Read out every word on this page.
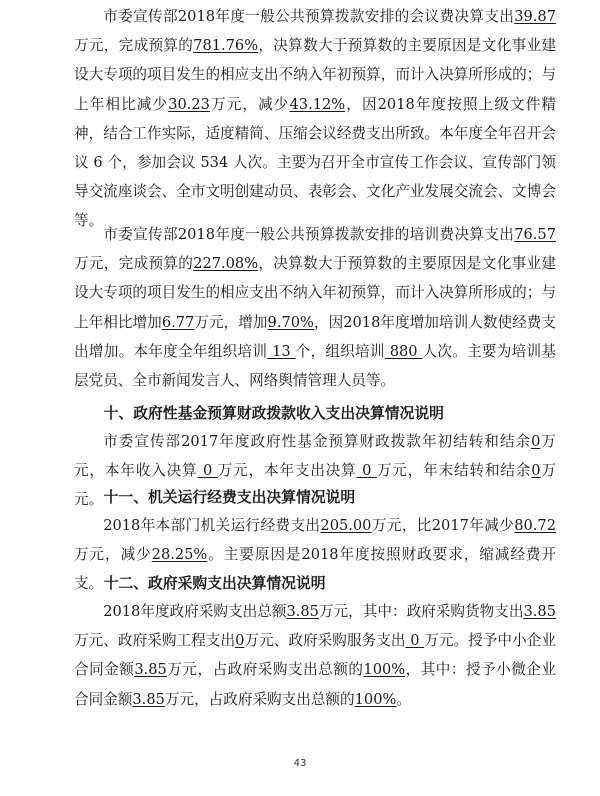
市委宣传部2018年度一般公共预算拨款安排的会议费决算支出39.87万元，完成预算的781.76%，决算数大于预算数的主要原因是文化事业建设大专项的项目发生的相应支出不纳入年初预算，而计入决算所形成的；与上年相比减少30.23万元，减少43.12%，因2018年度按照上级文件精神，结合工作实际，适度精简、压缩会议经费支出所致。本年度全年召开会议 6 个，参加会议 534 人次。主要为召开全市宣传工作会议、宣传部门领导交流座谈会、全市文明创建动员、表彰会、文化产业发展交流会、文博会等。

市委宣传部2018年度一般公共预算拨款安排的培训费决算支出76.57万元，完成预算的227.08%，决算数大于预算数的主要原因是文化事业建设大专项的项目发生的相应支出不纳入年初预算，而计入决算所形成的；与上年相比增加6.77万元，增加9.70%，因2018年度增加培训人数使经费支出增加。本年度全年组织培训 13 个，组织培训 880 人次。主要为培训基层党员、全市新闻发言人、网络舆情管理人员等。

十、政府性基金预算财政拨款收入支出决算情况说明

市委宣传部2017年度政府性基金预算财政拨款年初结转和结余0万元，本年收入决算 0 万元，本年支出决算 0 万元，年末结转和结余0万元。 十一、机关运行经费支出决算情况说明

2018年本部门机关运行经费支出205.00万元，比2017年减少80.72万元，减少28.25%。主要原因是2018年度按照财政要求，缩减经费开支。 十二、政府采购支出决算情况说明

2018年度政府采购支出总额3.85万元，其中：政府采购货物支出3.85万元、政府采购工程支出0万元、政府采购服务支出 0 万元。授予中小企业合同金额3.85万元，占政府采购支出总额的100%，其中：授予小微企业合同金额3.85万元，占政府采购支出总额的100%。

43
